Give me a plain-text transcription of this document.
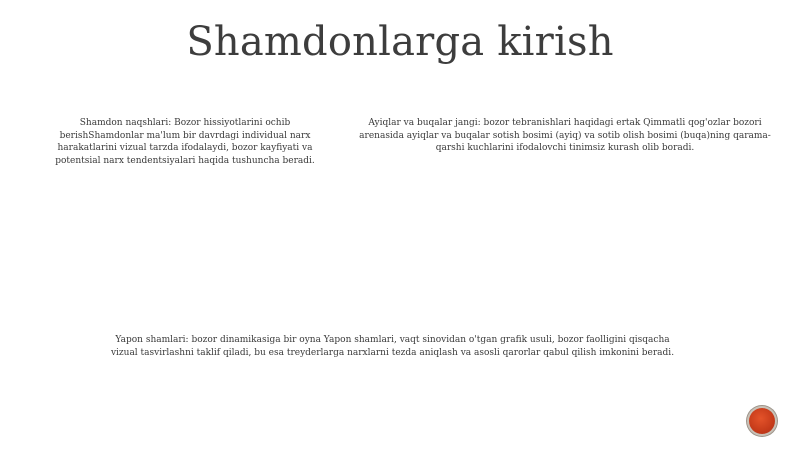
Shamdonlarga kirish
Shamdon naqshlari: Bozor hissiyotlarini ochib berishShamdonlar ma'lum bir davrdagi individual narx harakatlarini vizual tarzda ifodalaydi, bozor kayfiyati va potentsial narx tendentsiyalari haqida tushuncha beradi.
Ayiqlar va buqalar jangi: bozor tebranishlari haqidagi ertak Qimmatli qog'ozlar bozori arenasida ayiqlar va buqalar sotish bosimi (ayiq) va sotib olish bosimi (buqa)ning qarama-qarshi kuchlarini ifodalovchi tinimsiz kurash olib boradi.
Yapon shamlari: bozor dinamikasiga bir oyna Yapon shamlari, vaqt sinovidan o'tgan grafik usuli, bozor faolligini qisqacha vizual tasvirlashni taklif qiladi, bu esa treyderlarga narxlarni tezda aniqlash va asosli qarorlar qabul qilish imkonini beradi.
